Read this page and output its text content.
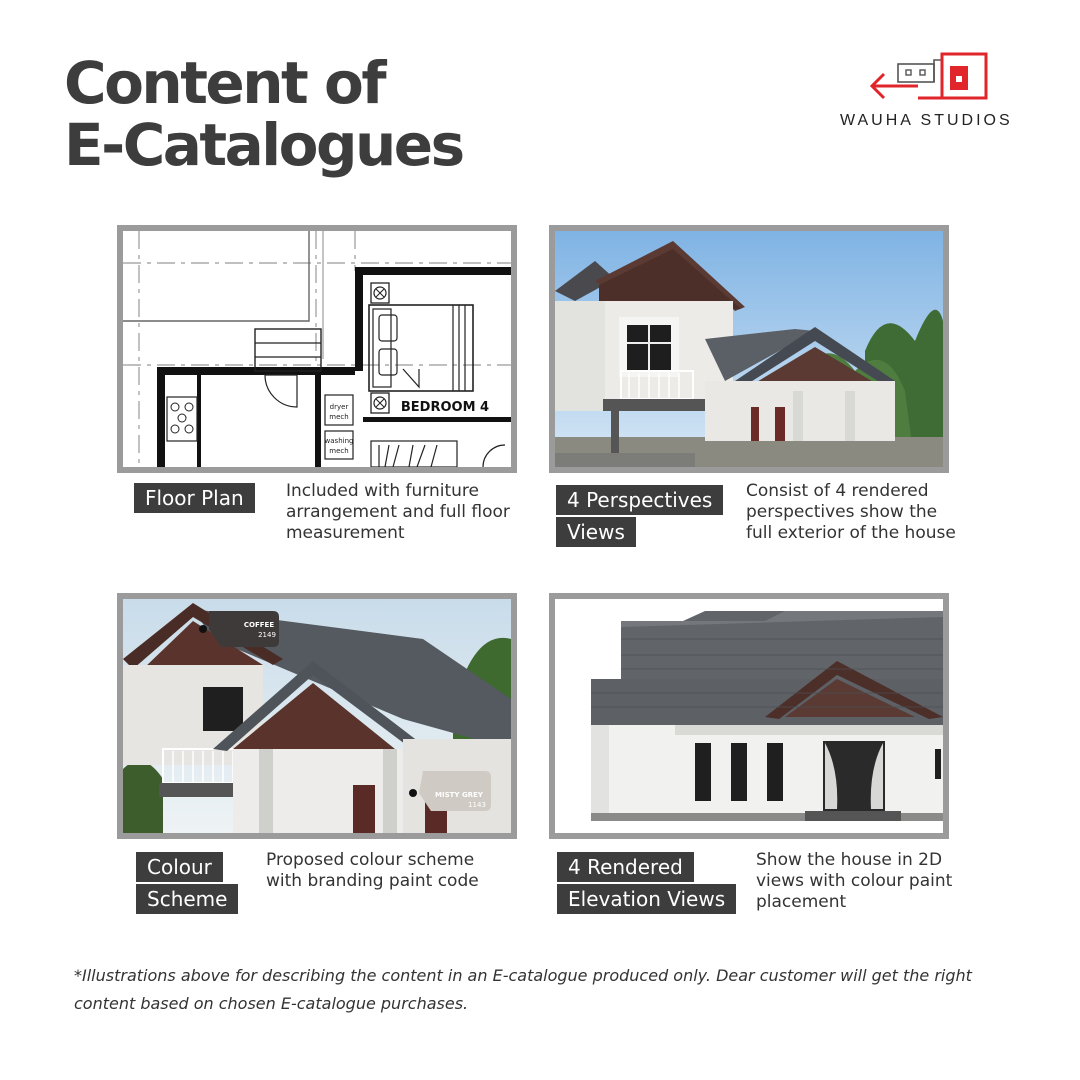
Content of
E-Catalogues	WAUHA STUDIOS
dryer
mech
washing
mech
BEDROOM 4
COFFEE
2149
MISTY GREY
1143
Floor Plan	Included with furniture arrangement and full floor measurement
4 Perspectives
Views
Consist of 4 rendered perspectives show the full exterior of the house
Colour
Scheme
Proposed colour scheme with branding paint code
4 Rendered
Elevation Views
Show the house in 2D views with colour paint placement
*Illustrations above for describing the content in an E-catalogue produced only. Dear customer will get the right content based on chosen E-catalogue purchases.
